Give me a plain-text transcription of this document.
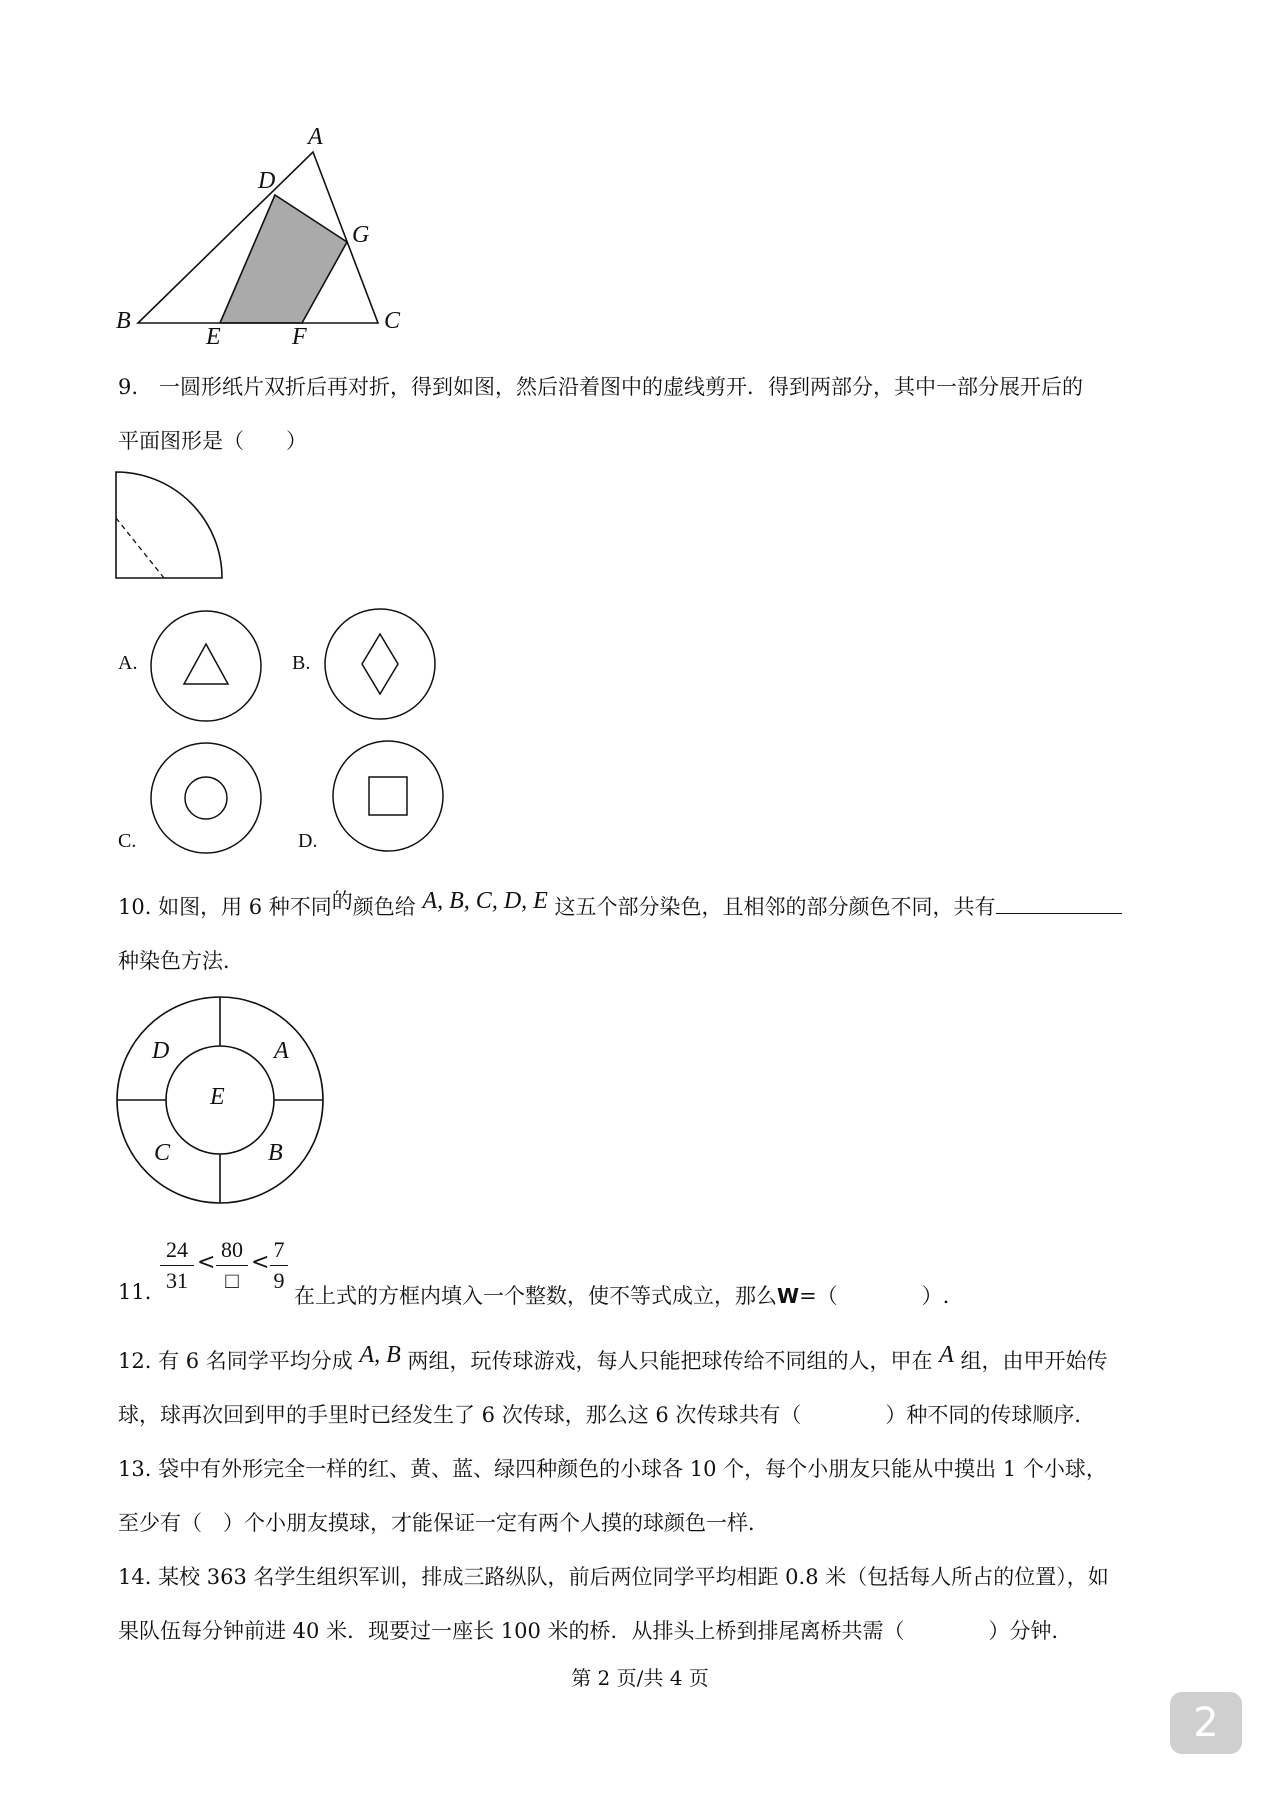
A
D
G
B	C
E	F
9.　一圆形纸片双折后再对折，得到如图，然后沿着图中的虚线剪开．得到两部分，其中一部分展开后的
平面图形是（　　）
A.	B.
C.	D.
10. 如图，用 6 种不同的颜色给 A, B, C, D, E 这五个部分染色，且相邻的部分颜色不同，共有
种染色方法．
D	A
E
C	B
11.
24
31
<
80
□
<
7
9
在上式的方框内填入一个整数，使不等式成立，那么W=（　　　　）.
12. 有 6 名同学平均分成 A, B 两组，玩传球游戏，每人只能把球传给不同组的人，甲在 A 组，由甲开始传
球，球再次回到甲的手里时已经发生了 6 次传球，那么这 6 次传球共有（　　　　）种不同的传球顺序．
13. 袋中有外形完全一样的红、黄、蓝、绿四种颜色的小球各 10 个，每个小朋友只能从中摸出 1 个小球，
至少有（　）个小朋友摸球，才能保证一定有两个人摸的球颜色一样．
14. 某校 363 名学生组织军训，排成三路纵队，前后两位同学平均相距 0.8 米（包括每人所占的位置），如
果队伍每分钟前进 40 米．现要过一座长 100 米的桥．从排头上桥到排尾离桥共需（　　　　）分钟．
第 2 页/共 4 页
2
